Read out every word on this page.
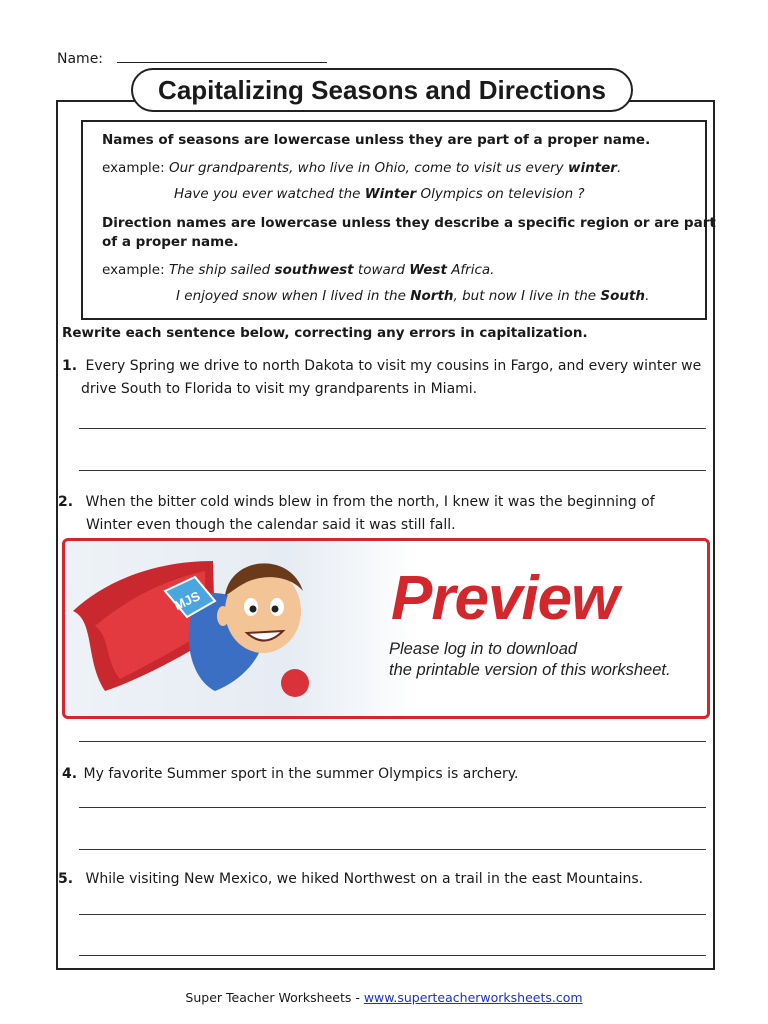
Name:
Capitalizing Seasons and Directions
Names of seasons are lowercase unless they are part of a proper name.
example: Our grandparents, who live in Ohio, come to visit us every winter.
Have you ever watched the Winter Olympics on television ?
Direction names are lowercase unless they describe a specific region or are part
of a proper name.
example: The ship sailed southwest toward West Africa.
I enjoyed snow when I lived in the North, but now I live in the South.
Rewrite each sentence below, correcting any errors in capitalization.
1. Every Spring we drive to north Dakota to visit my cousins in Fargo, and every winter we
drive South to Florida to visit my grandparents in Miami.
2. When the bitter cold winds blew in from the north, I knew it was the beginning of
Winter even though the calendar said it was still fall.
MJS	Preview
Please log in to download
the printable version of this worksheet.
4. My favorite Summer sport in the summer Olympics is archery.
5. While visiting New Mexico, we hiked Northwest on a trail in the east Mountains.
Super Teacher Worksheets - www.superteacherworksheets.com
